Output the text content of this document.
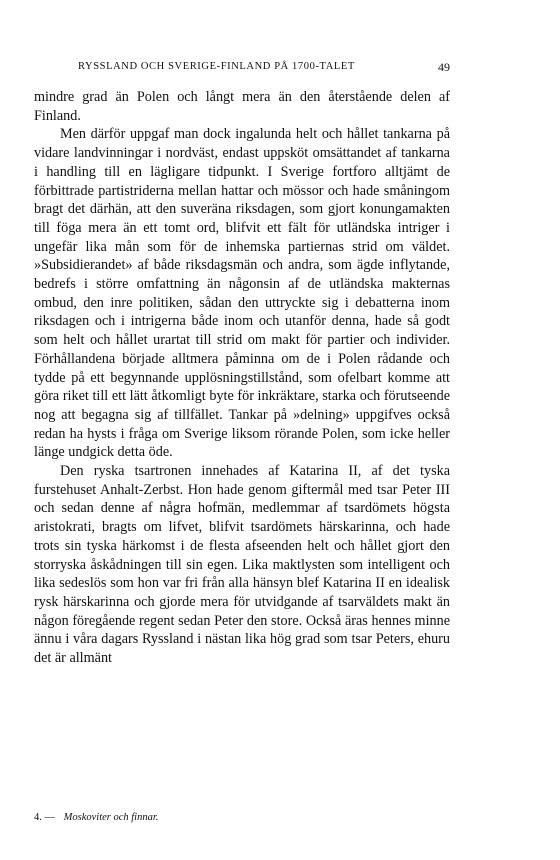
RYSSLAND OCH SVERIGE-FINLAND PÅ 1700-TALET	49

mindre grad än Polen och långt mera än den återstående delen af Finland.

Men därför uppgaf man dock ingalunda helt och hållet tankarna på vidare landvinningar i nordväst, endast uppsköt omsättandet af tankarna i handling till en lägligare tidpunkt. I Sverige fortforo alltjämt de förbittrade partistriderna mellan hattar och mössor och hade småningom bragt det därhän, att den suveräna riksdagen, som gjort konungamakten till föga mera än ett tomt ord, blifvit ett fält för utländska intriger i ungefär lika mån som för de inhemska partiernas strid om väldet. »Subsidierandet» af både riksdagsmän och andra, som ägde inflytande, bedrefs i större omfattning än någonsin af de utländska makternas ombud, den inre politiken, sådan den uttryckte sig i debatterna inom riksdagen och i intrigerna både inom och utanför denna, hade så godt som helt och hållet urartat till strid om makt för partier och individer. Förhållandena började alltmera påminna om de i Polen rådande och tydde på ett begynnande upplösningstillstånd, som ofelbart komme att göra riket till ett lätt åtkomligt byte för inkräktare, starka och förutseende nog att begagna sig af tillfället. Tankar på »delning» uppgifves också redan ha hysts i fråga om Sverige liksom rörande Polen, som icke heller länge undgick detta öde.

Den ryska tsartronen innehades af Katarina II, af det tyska furstehuset Anhalt-Zerbst. Hon hade genom giftermål med tsar Peter III och sedan denne af några hofmän, medlemmar af tsardömets högsta aristokrati, bragts om lifvet, blifvit tsardömets härskarinna, och hade trots sin tyska härkomst i de flesta afseenden helt och hållet gjort den storryska åskådningen till sin egen. Lika maktlysten som intelligent och lika sedeslös som hon var fri från alla hänsyn blef Katarina II en idealisk rysk härskarinna och gjorde mera för utvidgande af tsarväldets makt än någon föregående regent sedan Peter den store. Också äras hennes minne ännu i våra dagars Ryssland i nästan lika hög grad som tsar Peters, ehuru det är allmänt

4. — Moskoviter och finnar.
